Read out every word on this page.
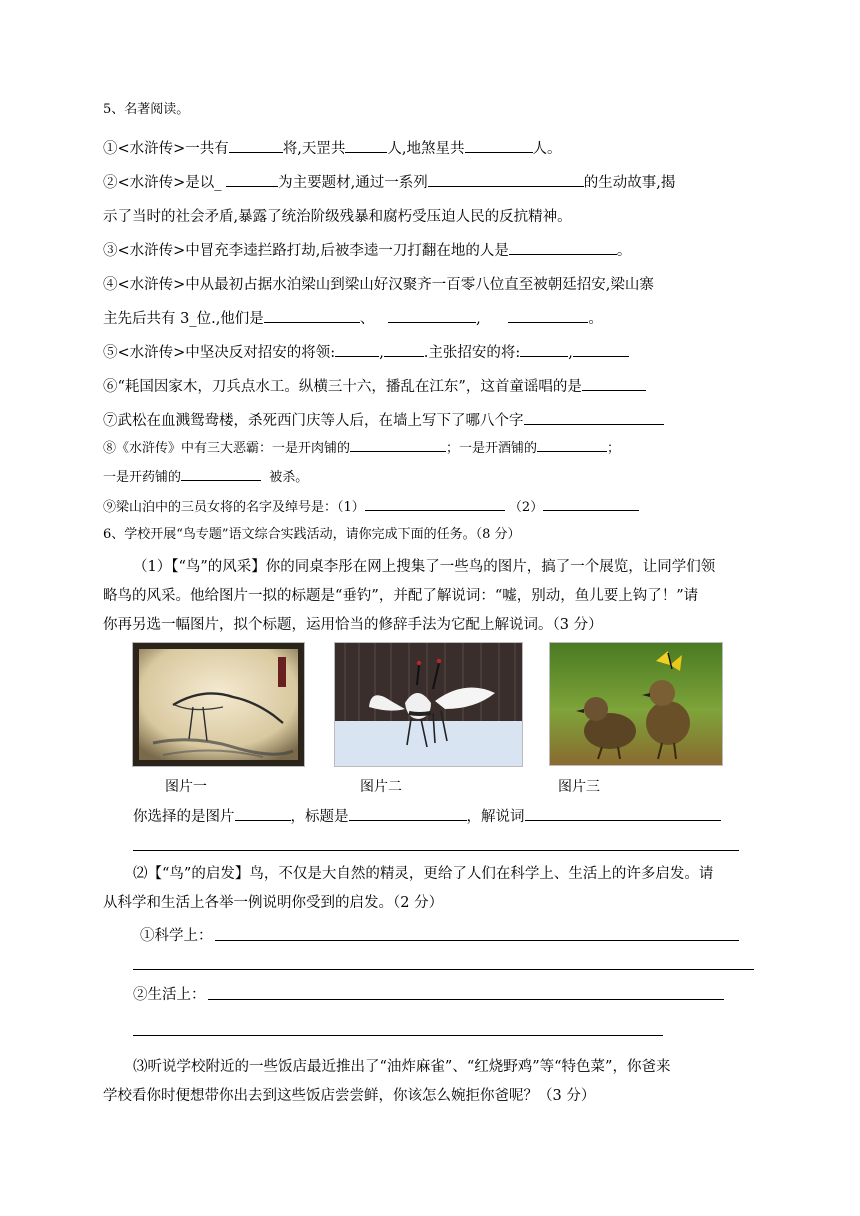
5、名著阅读。
①<水浒传>一共有	将,天罡共	人,地煞星共	人。
②<水浒传>是以_	为主要题材,通过一系列	的生动故事,揭
示了当时的社会矛盾,暴露了统治阶级残暴和腐朽受压迫人民的反抗精神。
③<水浒传>中冒充李逵拦路打劫,后被李逵一刀打翻在地的人是	。
④<水浒传>中从最初占据水泊梁山到梁山好汉聚齐一百零八位直至被朝廷招安,梁山寨
主先后共有 3_位.,他们是	、	,	。
⑤<水浒传>中坚决反对招安的将领:	,	.主张招安的将:	,
⑥“耗国因家木，刀兵点水工。纵横三十六，播乱在江东”，这首童谣唱的是
⑦武松在血溅鸳鸯楼，杀死西门庆等人后，在墙上写下了哪八个字
⑧《水浒传》中有三大恶霸：一是开肉铺的	；一是开酒铺的	；
一是开药铺的	被杀。
⑨梁山泊中的三员女将的名字及绰号是：（1）	（2）
6、学校开展“鸟专题”语文综合实践活动，请你完成下面的任务。（8 分）
（1）【“鸟”的风采】你的同桌李彤在网上搜集了一些鸟的图片，搞了一个展览，让同学们领
略鸟的风采。他给图片一拟的标题是“垂钓”，并配了解说词：“嘘，别动，鱼儿要上钩了！”请
你再另选一幅图片，拟个标题，运用恰当的修辞手法为它配上解说词。（3 分）
图片一	图片二	图片三
你选择的是图片	，标题是	，解说词
⑵【“鸟”的启发】鸟，不仅是大自然的精灵，更给了人们在科学上、生活上的许多启发。请
从科学和生活上各举一例说明你受到的启发。（2 分）
①科学上：
②生活上：
⑶听说学校附近的一些饭店最近推出了“油炸麻雀”、“红烧野鸡”等“特色菜”，你爸来
学校看你时便想带你出去到这些饭店尝尝鲜，你该怎么婉拒你爸呢？（3 分）
